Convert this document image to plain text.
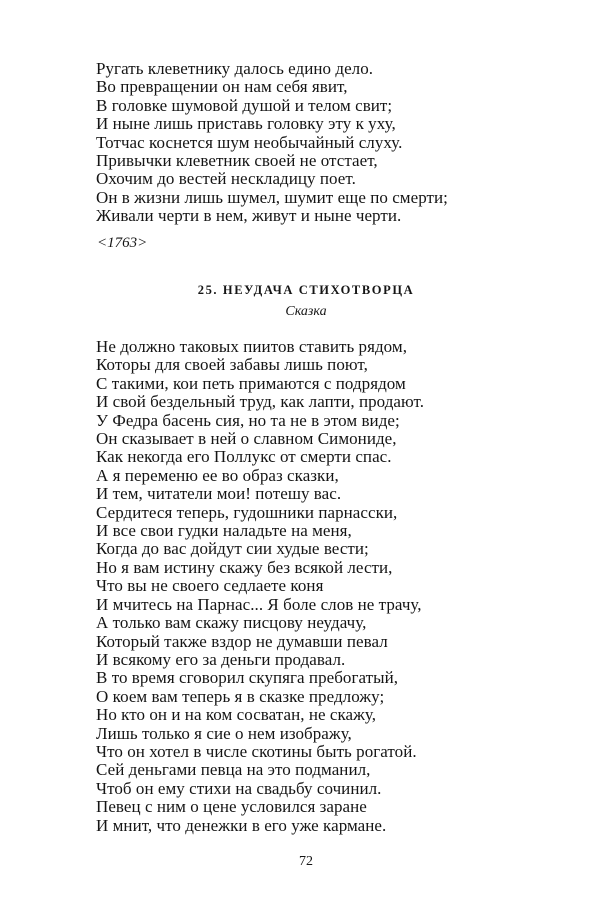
Ругать клеветнику далось едино дело.
Во превращении он нам себя явит,
В головке шумовой душой и телом свит;
И ныне лишь приставь головку эту к уху,
Тотчас коснется шум необычайный слуху.
Привычки клеветник своей не отстает,
Охочим до вестей нескладицу поет.
Он в жизни лишь шумел, шумит еще по смерти;
Живали черти в нем, живут и ныне черти.
<1763>
25. НЕУДАЧА СТИХОТВОРЦА
Сказка
Не должно таковых пиитов ставить рядом,
Которы для своей забавы лишь поют,
С такими, кои петь примаются с подрядом
И свой бездельный труд, как лапти, продают.
У Федра басень сия, но та не в этом виде;
Он сказывает в ней о славном Симониде,
Как некогда его Поллукс от смерти спас.
А я переменю ее во образ сказки,
И тем, читатели мои! потешу вас.
Сердитеся теперь, гудошники парнасски,
И все свои гудки наладьте на меня,
Когда до вас дойдут сии худые вести;
Но я вам истину скажу без всякой лести,
Что вы не своего седлаете коня
И мчитесь на Парнас... Я боле слов не трачу,
А только вам скажу писцову неудачу,
Который также вздор не думавши певал
И всякому его за деньги продавал.
В то время сговорил скупяга пребогатый,
О коем вам теперь я в сказке предложу;
Но кто он и на ком сосватан, не скажу,
Лишь только я сие о нем изображу,
Что он хотел в числе скотины быть рогатой.
Сей деньгами певца на это подманил,
Чтоб он ему стихи на свадьбу сочинил.
Певец с ним о цене условился заране
И мнит, что денежки в его уже кармане.
72
